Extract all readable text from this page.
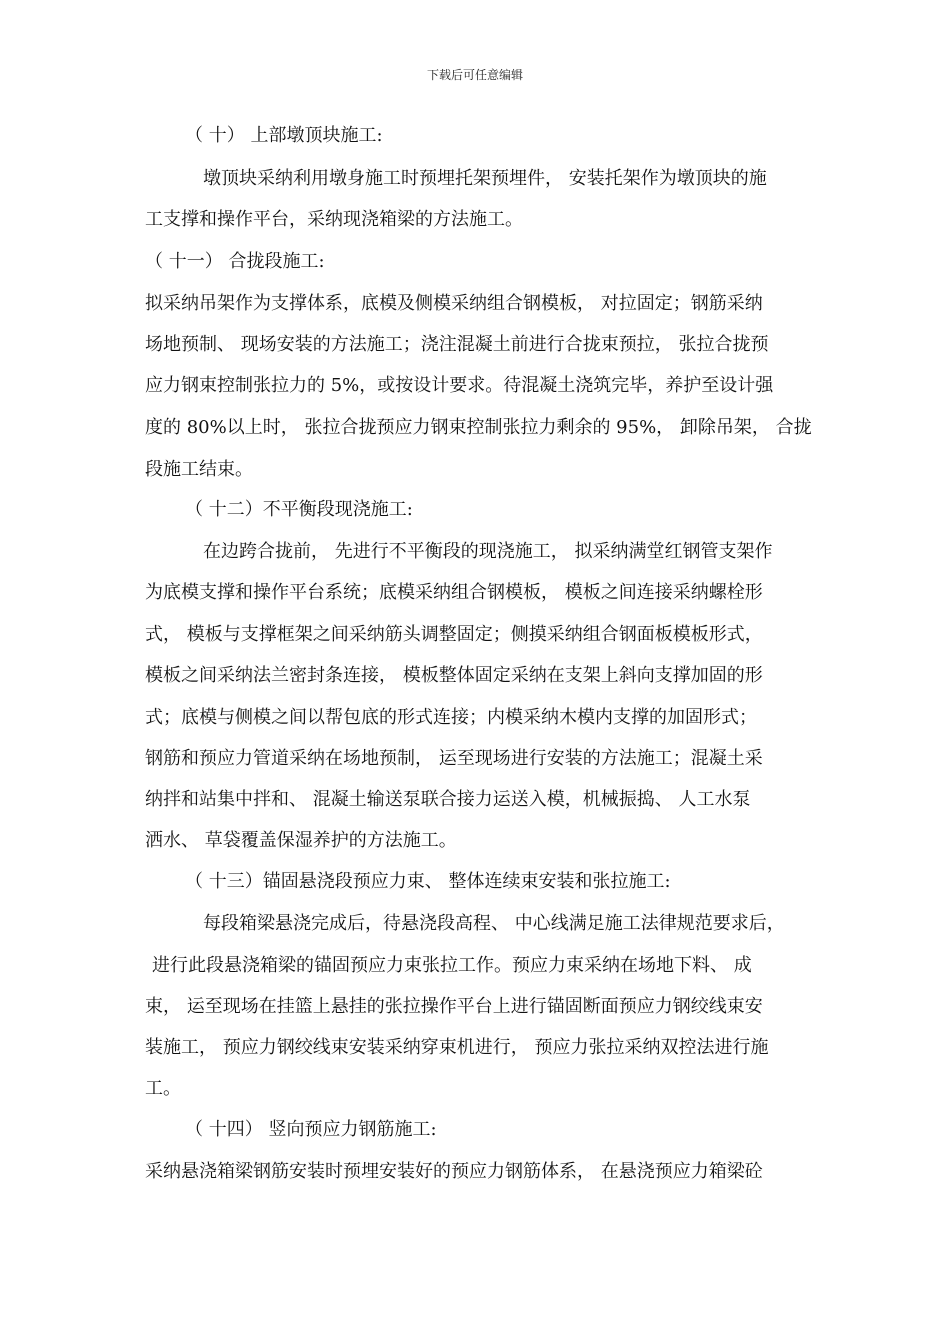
下载后可任意编辑
（ 十） 上部墩顶块施工:
墩顶块采纳利用墩身施工时预埋托架预埋件， 安装托架作为墩顶块的施
工支撑和操作平台，采纳现浇箱梁的方法施工。
（ 十一） 合拢段施工:
拟采纳吊架作为支撑体系，底模及侧模采纳组合钢模板， 对拉固定；钢筋采纳
场地预制、 现场安装的方法施工；浇注混凝土前进行合拢束预拉， 张拉合拢预
应力钢束控制张拉力的 5%，或按设计要求。待混凝土浇筑完毕，养护至设计强
度的 80%以上时， 张拉合拢预应力钢束控制张拉力剩余的 95%， 卸除吊架， 合拢
段施工结束。
（ 十二）不平衡段现浇施工:
在边跨合拢前， 先进行不平衡段的现浇施工， 拟采纳满堂红钢管支架作
为底模支撑和操作平台系统；底模采纳组合钢模板， 模板之间连接采纳螺栓形
式， 模板与支撑框架之间采纳筋头调整固定；侧摸采纳组合钢面板模板形式，
模板之间采纳法兰密封条连接， 模板整体固定采纳在支架上斜向支撑加固的形
式；底模与侧模之间以帮包底的形式连接；内模采纳木模内支撑的加固形式；
钢筋和预应力管道采纳在场地预制， 运至现场进行安装的方法施工；混凝土采
纳拌和站集中拌和、 混凝土输送泵联合接力运送入模，机械振捣、 人工水泵
洒水、 草袋覆盖保湿养护的方法施工。
（ 十三）锚固悬浇段预应力束、 整体连续束安装和张拉施工:
每段箱梁悬浇完成后，待悬浇段高程、 中心线满足施工法律规范要求后，
进行此段悬浇箱梁的锚固预应力束张拉工作。预应力束采纳在场地下料、 成
束， 运至现场在挂篮上悬挂的张拉操作平台上进行锚固断面预应力钢绞线束安
装施工， 预应力钢绞线束安装采纳穿束机进行， 预应力张拉采纳双控法进行施
工。
（ 十四） 竖向预应力钢筋施工:
采纳悬浇箱梁钢筋安装时预埋安装好的预应力钢筋体系， 在悬浇预应力箱梁砼
